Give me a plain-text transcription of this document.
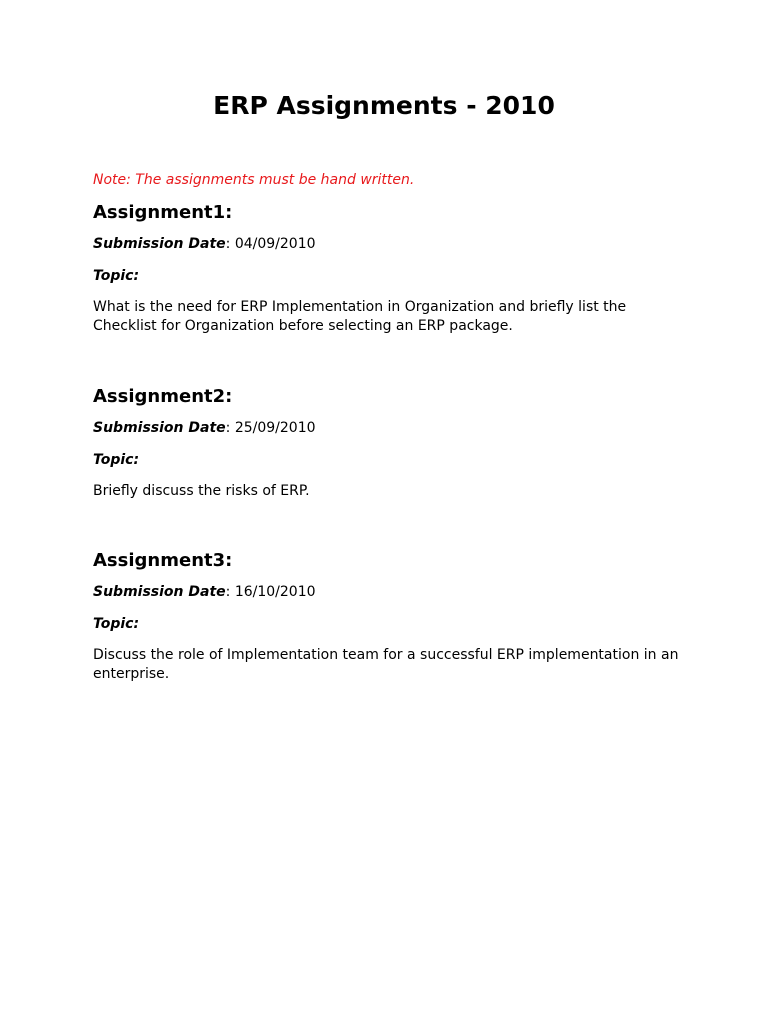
ERP Assignments - 2010
Note: The assignments must be hand written.
Assignment1:
Submission Date: 04/09/2010
Topic:
What is the need for ERP Implementation in Organization and briefly list the Checklist for Organization before selecting an ERP package.
Assignment2:
Submission Date: 25/09/2010
Topic:
Briefly discuss the risks of ERP.
Assignment3:
Submission Date: 16/10/2010
Topic:
Discuss the role of Implementation team for a successful ERP implementation in an enterprise.
